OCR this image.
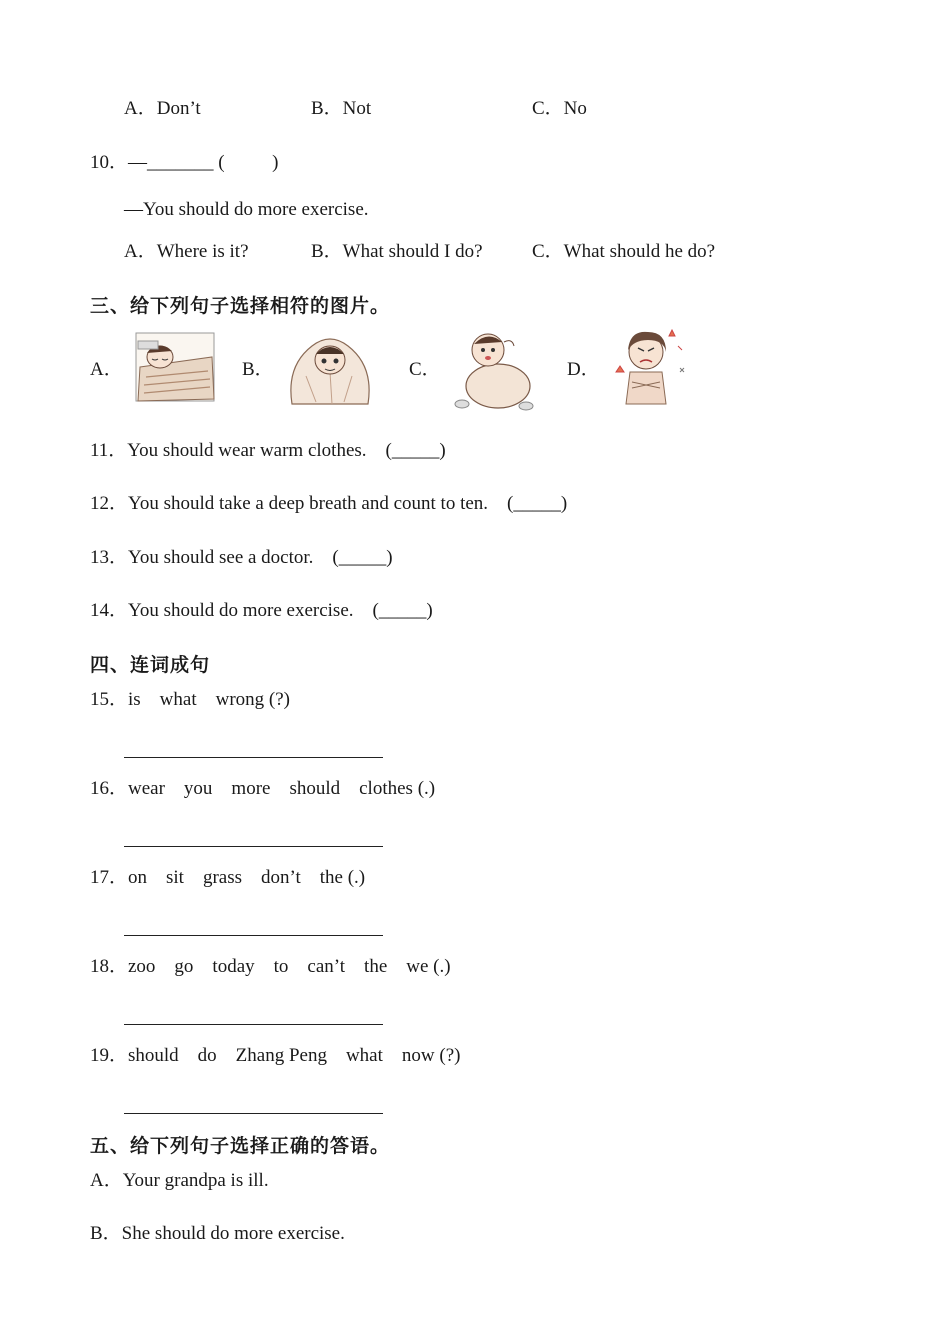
A．Don’t	B．Not	C．No
10．—_______ (          )
—You should do more exercise.
A．Where is it?	B．What should I do?	C．What should he do?
三、给下列句子选择相符的图片。
A．	B．	C．	D．
11．You should wear warm clothes.    (_____)
12．You should take a deep breath and count to ten.    (_____)
13．You should see a doctor.    (_____)
14．You should do more exercise.    (_____)
四、连词成句
15．is    what    wrong (?)
16．wear    you    more    should    clothes (.)
17．on    sit    grass    don’t    the (.)
18．zoo    go    today    to    can’t    the    we (.)
19．should    do    Zhang Peng    what    now (?)
五、给下列句子选择正确的答语。
A．Your grandpa is ill.
B．She should do more exercise.
